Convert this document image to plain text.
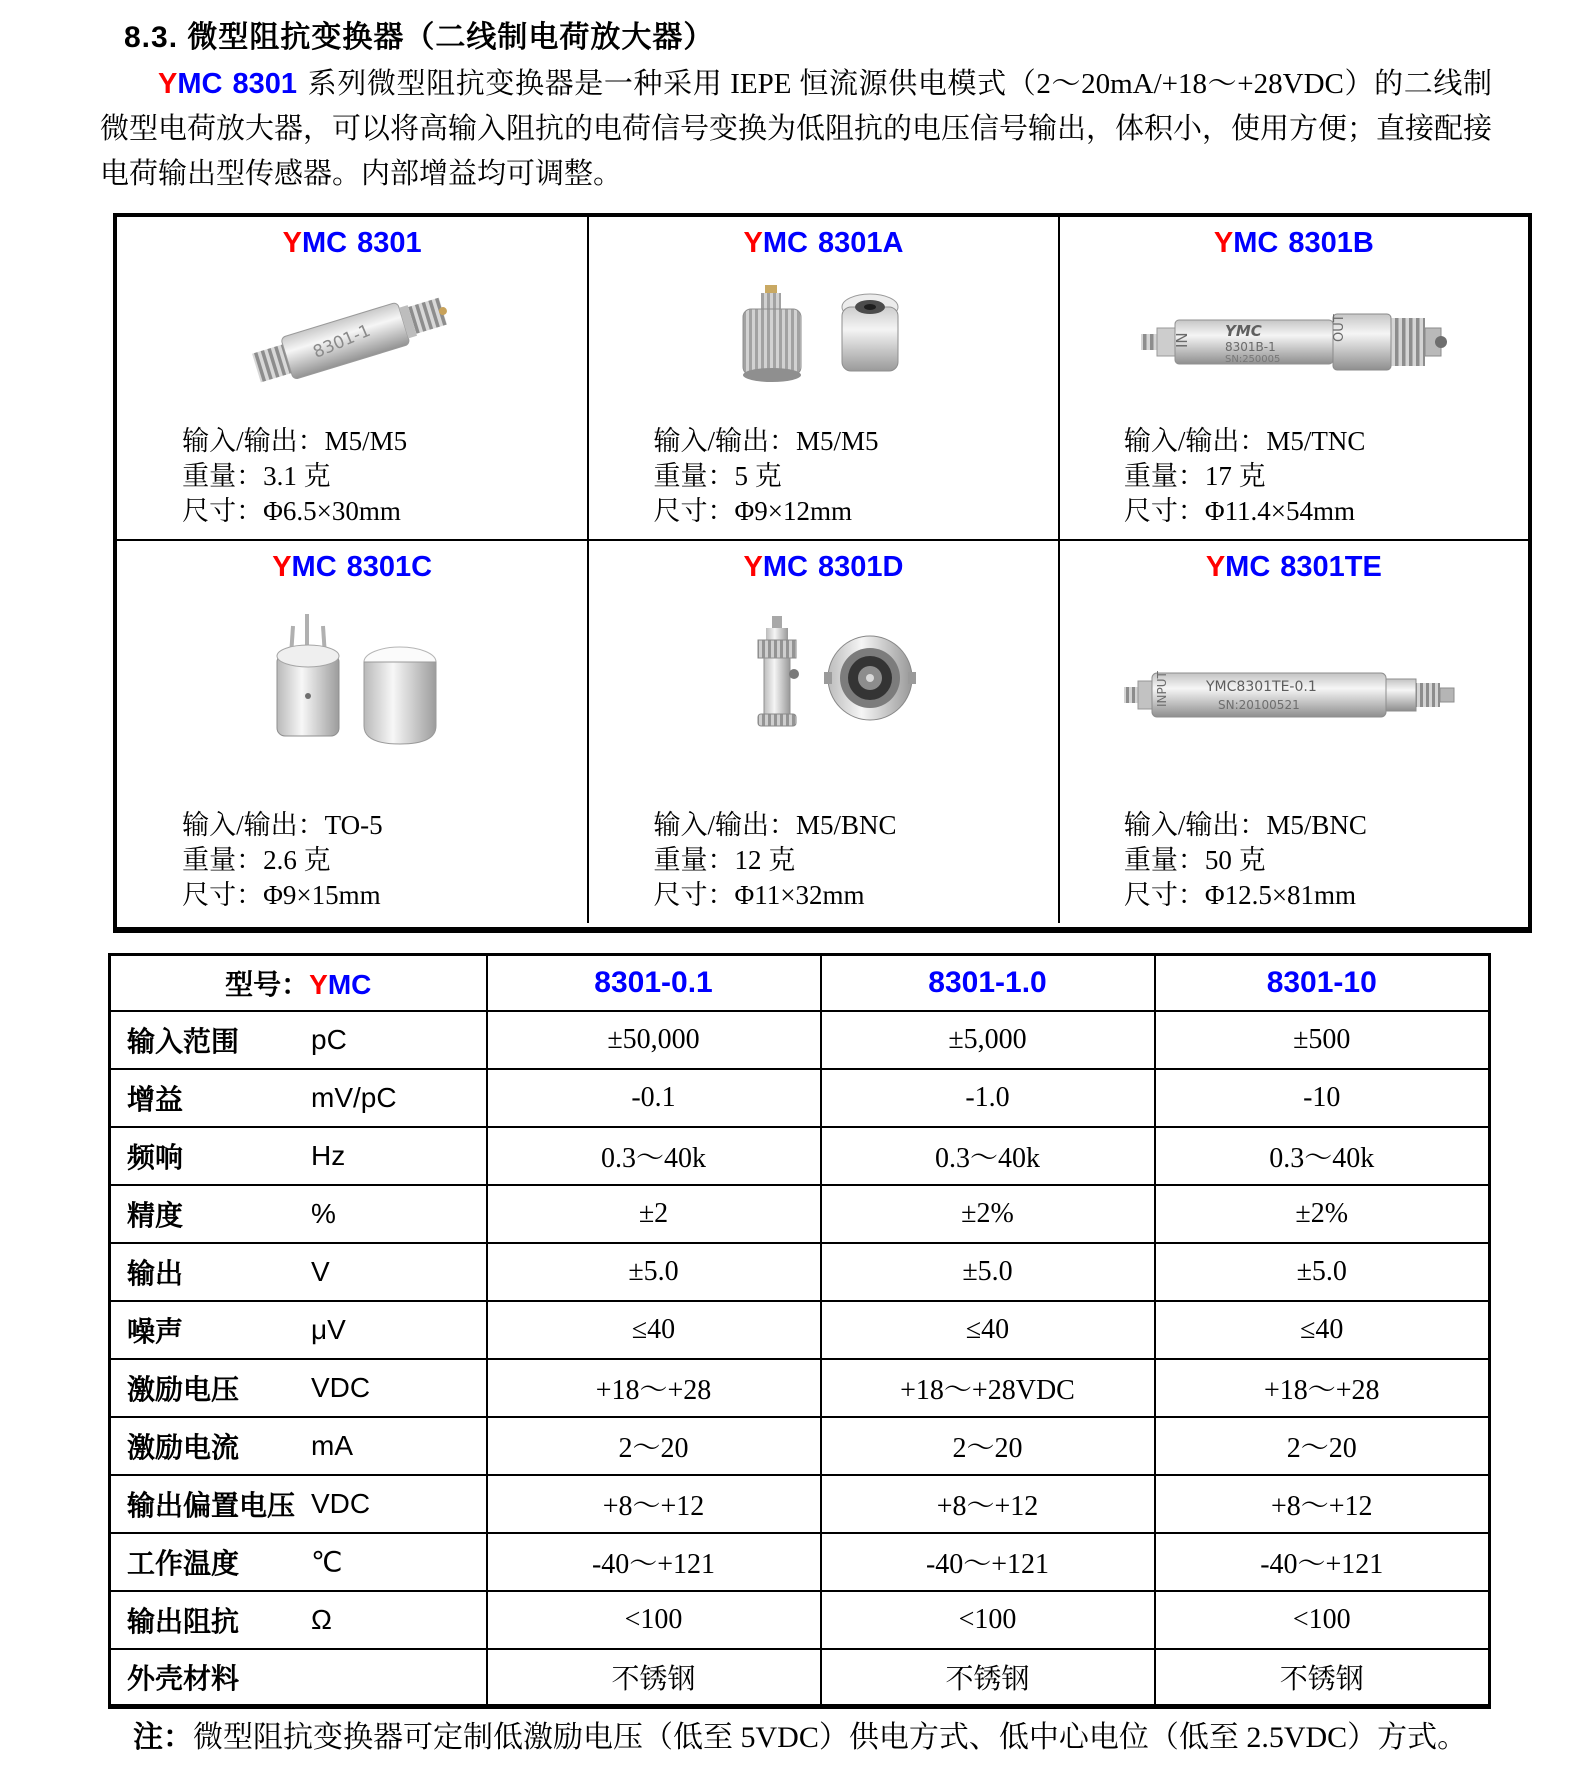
8.3. 微型阻抗变换器（二线制电荷放大器）

YMC 8301 系列微型阻抗变换器是一种采用 IEPE 恒流源供电模式（2～20mA/+18～+28VDC）的二线制微型电荷放大器，可以将高输入阻抗的电荷信号变换为低阻抗的电压信号输出，体积小，使用方便；直接配接电荷输出型传感器。内部增益均可调整。

YMC 8301
8301-1
输入/输出：M5/M5
重量：3.1 克
尺寸：Φ6.5×30mm
YMC 8301A
输入/输出：M5/M5
重量：5 克
尺寸：Φ9×12mm
YMC 8301B
IN
YMC
8301B-1
SN:250005
OUT
输入/输出：M5/TNC
重量：17 克
尺寸：Φ11.4×54mm
YMC 8301C
输入/输出：TO-5
重量：2.6 克
尺寸：Φ9×15mm
YMC 8301D
输入/输出：M5/BNC
重量：12 克
尺寸：Φ11×32mm
YMC 8301TE
INPUT	YMC8301TE-0.1
SN:20100521
输入/输出：M5/BNC
重量：50 克
尺寸：Φ12.5×81mm
型号：YMC	8301-0.1	8301-1.0	8301-10
输入范围 pC	±50,000	±5,000	±500
增益 mV/pC	-0.1	-1.0	-10
频响 Hz	0.3～40k	0.3～40k	0.3～40k
精度 %	±2	±2%	±2%
输出 V	±5.0	±5.0	±5.0
噪声 μV	≤40	≤40	≤40
激励电压 VDC	+18～+28	+18～+28VDC	+18～+28
激励电流 mA	2～20	2～20	2～20
输出偏置电压 VDC	+8～+12	+8～+12	+8～+12
工作温度 ℃	-40～+121	-40～+121	-40～+121
输出阻抗 Ω	<100	<100	<100
外壳材料	不锈钢	不锈钢	不锈钢
注：微型阻抗变换器可定制低激励电压（低至 5VDC）供电方式、低中心电位（低至 2.5VDC）方式。
